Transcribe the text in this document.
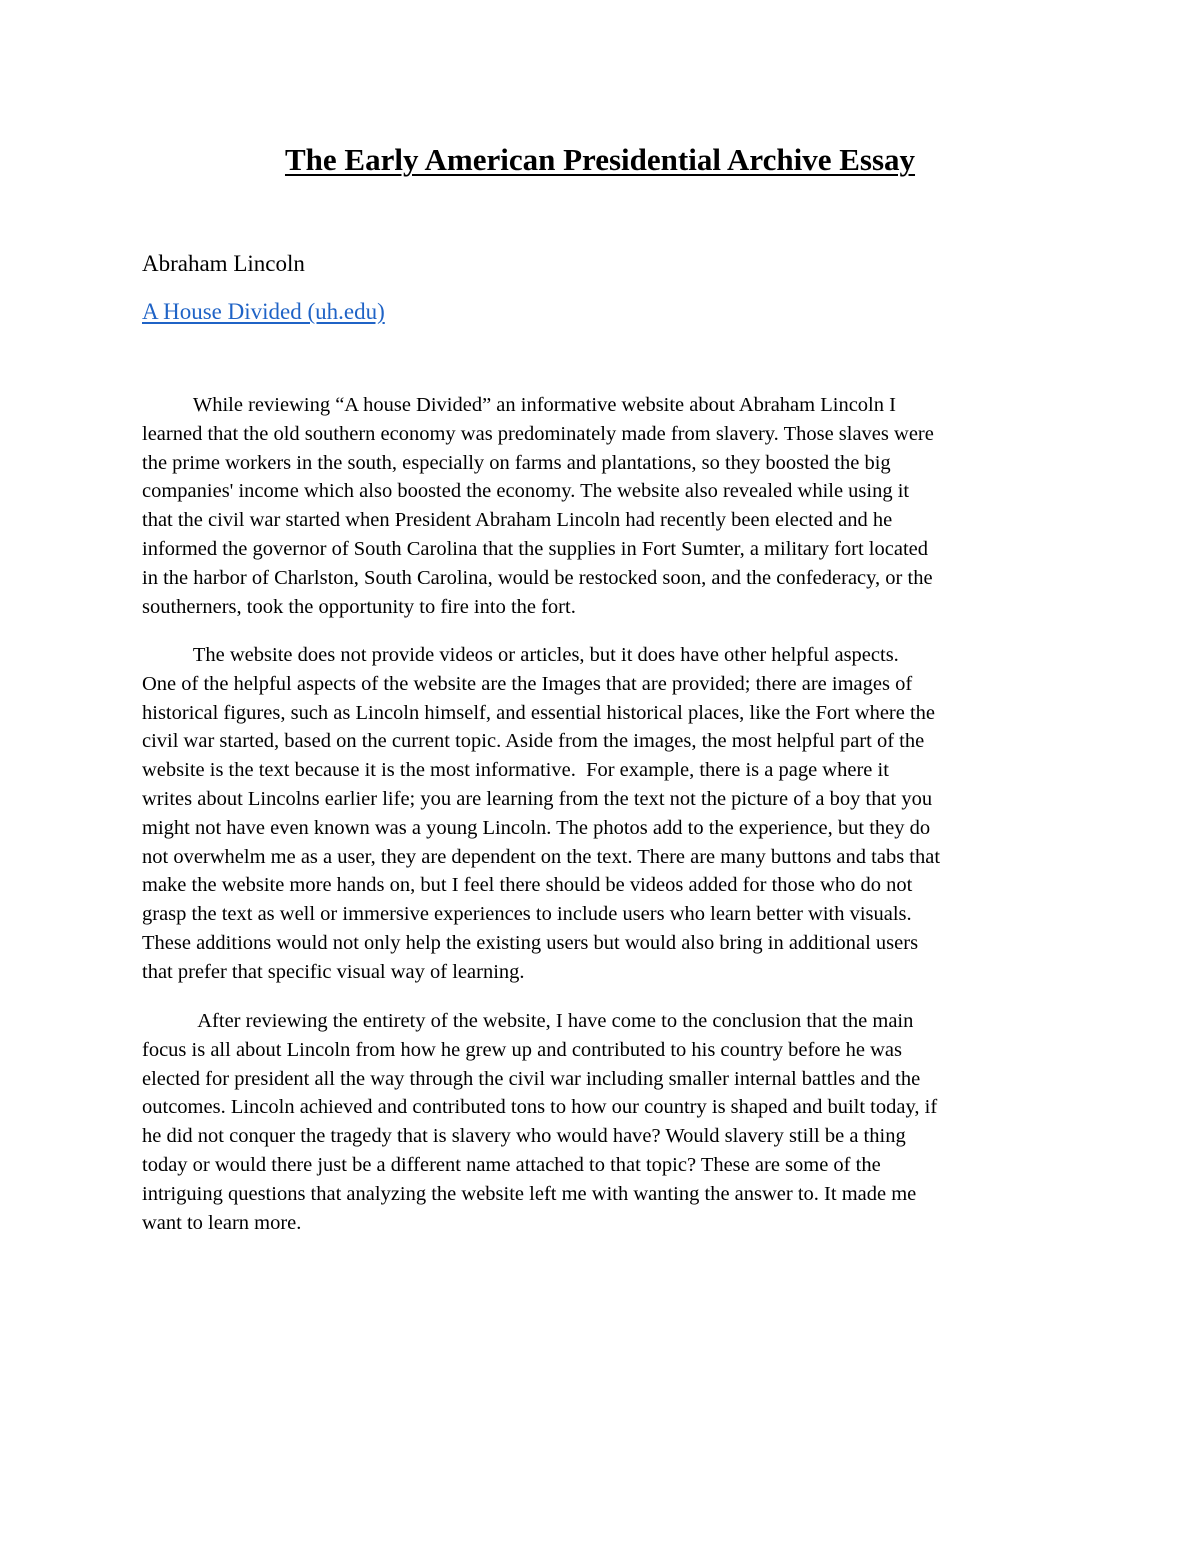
The Early American Presidential Archive Essay
Abraham Lincoln
A House Divided (uh.edu)

While reviewing “A house Divided” an informative website about Abraham Lincoln I
learned that the old southern economy was predominately made from slavery. Those slaves were
the prime workers in the south, especially on farms and plantations, so they boosted the big
companies' income which also boosted the economy. The website also revealed while using it
that the civil war started when President Abraham Lincoln had recently been elected and he
informed the governor of South Carolina that the supplies in Fort Sumter, a military fort located
in the harbor of Charlston, South Carolina, would be restocked soon, and the confederacy, or the
southerners, took the opportunity to fire into the fort.

The website does not provide videos or articles, but it does have other helpful aspects.
One of the helpful aspects of the website are the Images that are provided; there are images of
historical figures, such as Lincoln himself, and essential historical places, like the Fort where the
civil war started, based on the current topic. Aside from the images, the most helpful part of the
website is the text because it is the most informative.  For example, there is a page where it
writes about Lincolns earlier life; you are learning from the text not the picture of a boy that you
might not have even known was a young Lincoln. The photos add to the experience, but they do
not overwhelm me as a user, they are dependent on the text. There are many buttons and tabs that
make the website more hands on, but I feel there should be videos added for those who do not
grasp the text as well or immersive experiences to include users who learn better with visuals.
These additions would not only help the existing users but would also bring in additional users
that prefer that specific visual way of learning.

After reviewing the entirety of the website, I have come to the conclusion that the main
focus is all about Lincoln from how he grew up and contributed to his country before he was
elected for president all the way through the civil war including smaller internal battles and the
outcomes. Lincoln achieved and contributed tons to how our country is shaped and built today, if
he did not conquer the tragedy that is slavery who would have? Would slavery still be a thing
today or would there just be a different name attached to that topic? These are some of the
intriguing questions that analyzing the website left me with wanting the answer to. It made me
want to learn more.
